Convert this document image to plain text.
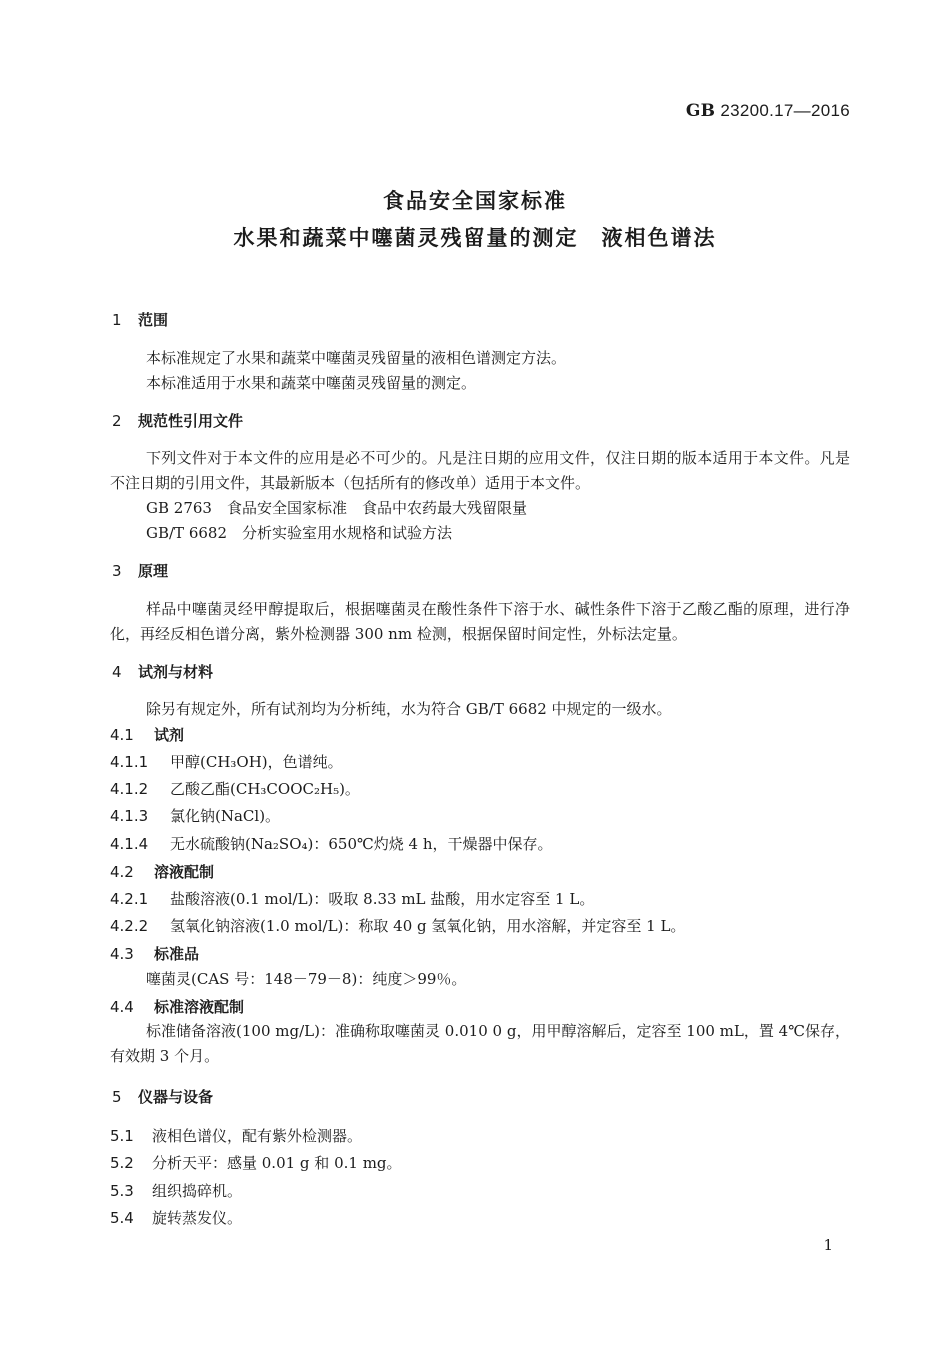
GB 23200.17—2016
食品安全国家标准
水果和蔬菜中噻菌灵残留量的测定　液相色谱法
1 范围
本标准规定了水果和蔬菜中噻菌灵残留量的液相色谱测定方法。
本标准适用于水果和蔬菜中噻菌灵残留量的测定。
2 规范性引用文件
下列文件对于本文件的应用是必不可少的。凡是注日期的应用文件，仅注日期的版本适用于本文件。凡是不注日期的引用文件，其最新版本（包括所有的修改单）适用于本文件。
GB 2763　食品安全国家标准　食品中农药最大残留限量
GB/T 6682　分析实验室用水规格和试验方法
3 原理
样品中噻菌灵经甲醇提取后，根据噻菌灵在酸性条件下溶于水、碱性条件下溶于乙酸乙酯的原理，进行净化，再经反相色谱分离，紫外检测器 300 nm 检测，根据保留时间定性，外标法定量。
4 试剂与材料
除另有规定外，所有试剂均为分析纯，水为符合 GB/T 6682 中规定的一级水。
4.1 试剂
4.1.1 甲醇(CH₃OH)，色谱纯。
4.1.2 乙酸乙酯(CH₃COOC₂H₅)。
4.1.3 氯化钠(NaCl)。
4.1.4 无水硫酸钠(Na₂SO₄)：650℃灼烧 4 h，干燥器中保存。
4.2 溶液配制
4.2.1 盐酸溶液(0.1 mol/L)：吸取 8.33 mL 盐酸，用水定容至 1 L。
4.2.2 氢氧化钠溶液(1.0 mol/L)：称取 40 g 氢氧化钠，用水溶解，并定容至 1 L。
4.3 标准品
噻菌灵(CAS 号：148－79－8)：纯度＞99％。
4.4 标准溶液配制
标准储备溶液(100 mg/L)：准确称取噻菌灵 0.010 0 g，用甲醇溶解后，定容至 100 mL，置 4℃保存，有效期 3 个月。
5 仪器与设备
5.1 液相色谱仪，配有紫外检测器。
5.2 分析天平：感量 0.01 g 和 0.1 mg。
5.3 组织捣碎机。
5.4 旋转蒸发仪。
1
